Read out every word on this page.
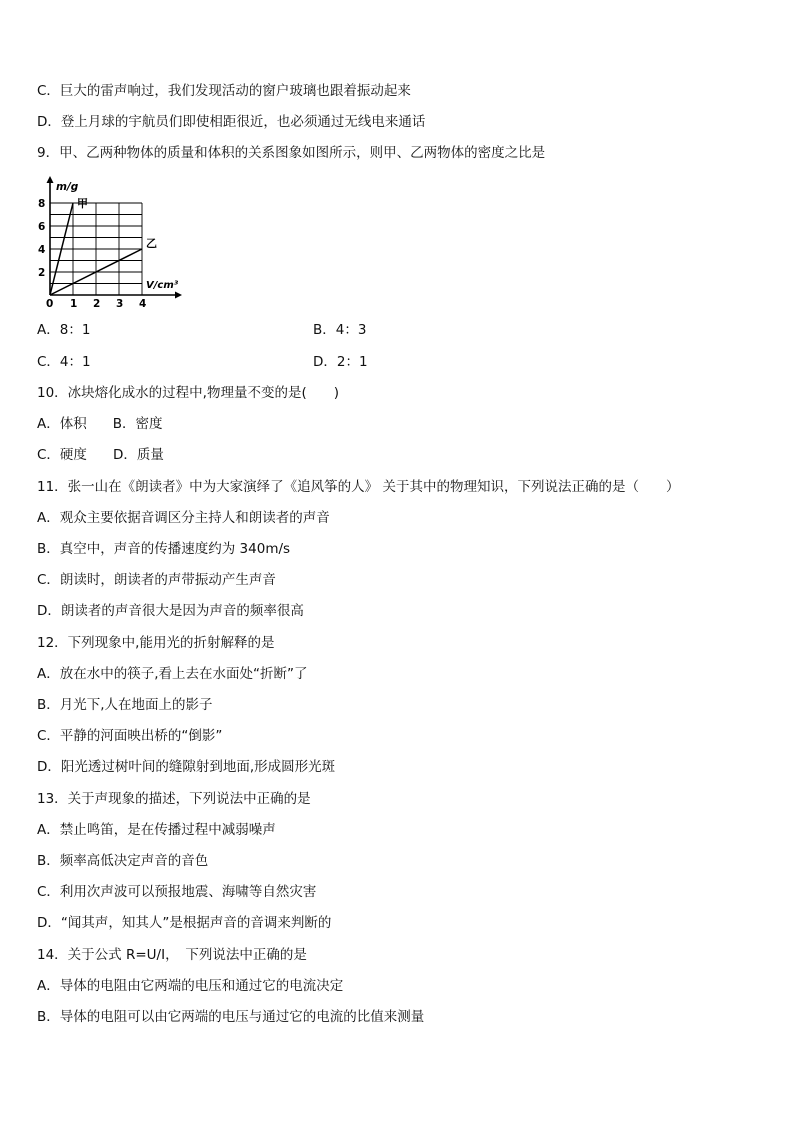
C．巨大的雷声响过，我们发现活动的窗户玻璃也跟着振动起来
D．登上月球的宇航员们即使相距很近，也必须通过无线电来通话
9．甲、乙两种物体的质量和体积的关系图象如图所示，则甲、乙两物体的密度之比是
甲
乙
m/g
V/cm³
0 1 2 3 4
2
4
6
8
A．8：1	B．4：3
C．4：1	D．2：1
10．冰块熔化成水的过程中,物理量不变的是(　　)
A．体积 B．密度
C．硬度 D．质量
11．张一山在《朗读者》中为大家演绎了《追风筝的人》 关于其中的物理知识，下列说法正确的是（　　）
A．观众主要依据音调区分主持人和朗读者的声音
B．真空中，声音的传播速度约为 340m/s
C．朗读时，朗读者的声带振动产生声音
D．朗读者的声音很大是因为声音的频率很高
12．下列现象中,能用光的折射解释的是
A．放在水中的筷子,看上去在水面处“折断”了
B．月光下,人在地面上的影子
C．平静的河面映出桥的“倒影”
D．阳光透过树叶间的缝隙射到地面,形成圆形光斑
13．关于声现象的描述，下列说法中正确的是
A．禁止鸣笛，是在传播过程中减弱噪声
B．频率高低决定声音的音色
C．利用次声波可以预报地震、海啸等自然灾害
D．“闻其声，知其人”是根据声音的音调来判断的
14．关于公式 R=U/I，　下列说法中正确的是
A．导体的电阻由它两端的电压和通过它的电流决定
B．导体的电阻可以由它两端的电压与通过它的电流的比值来测量
